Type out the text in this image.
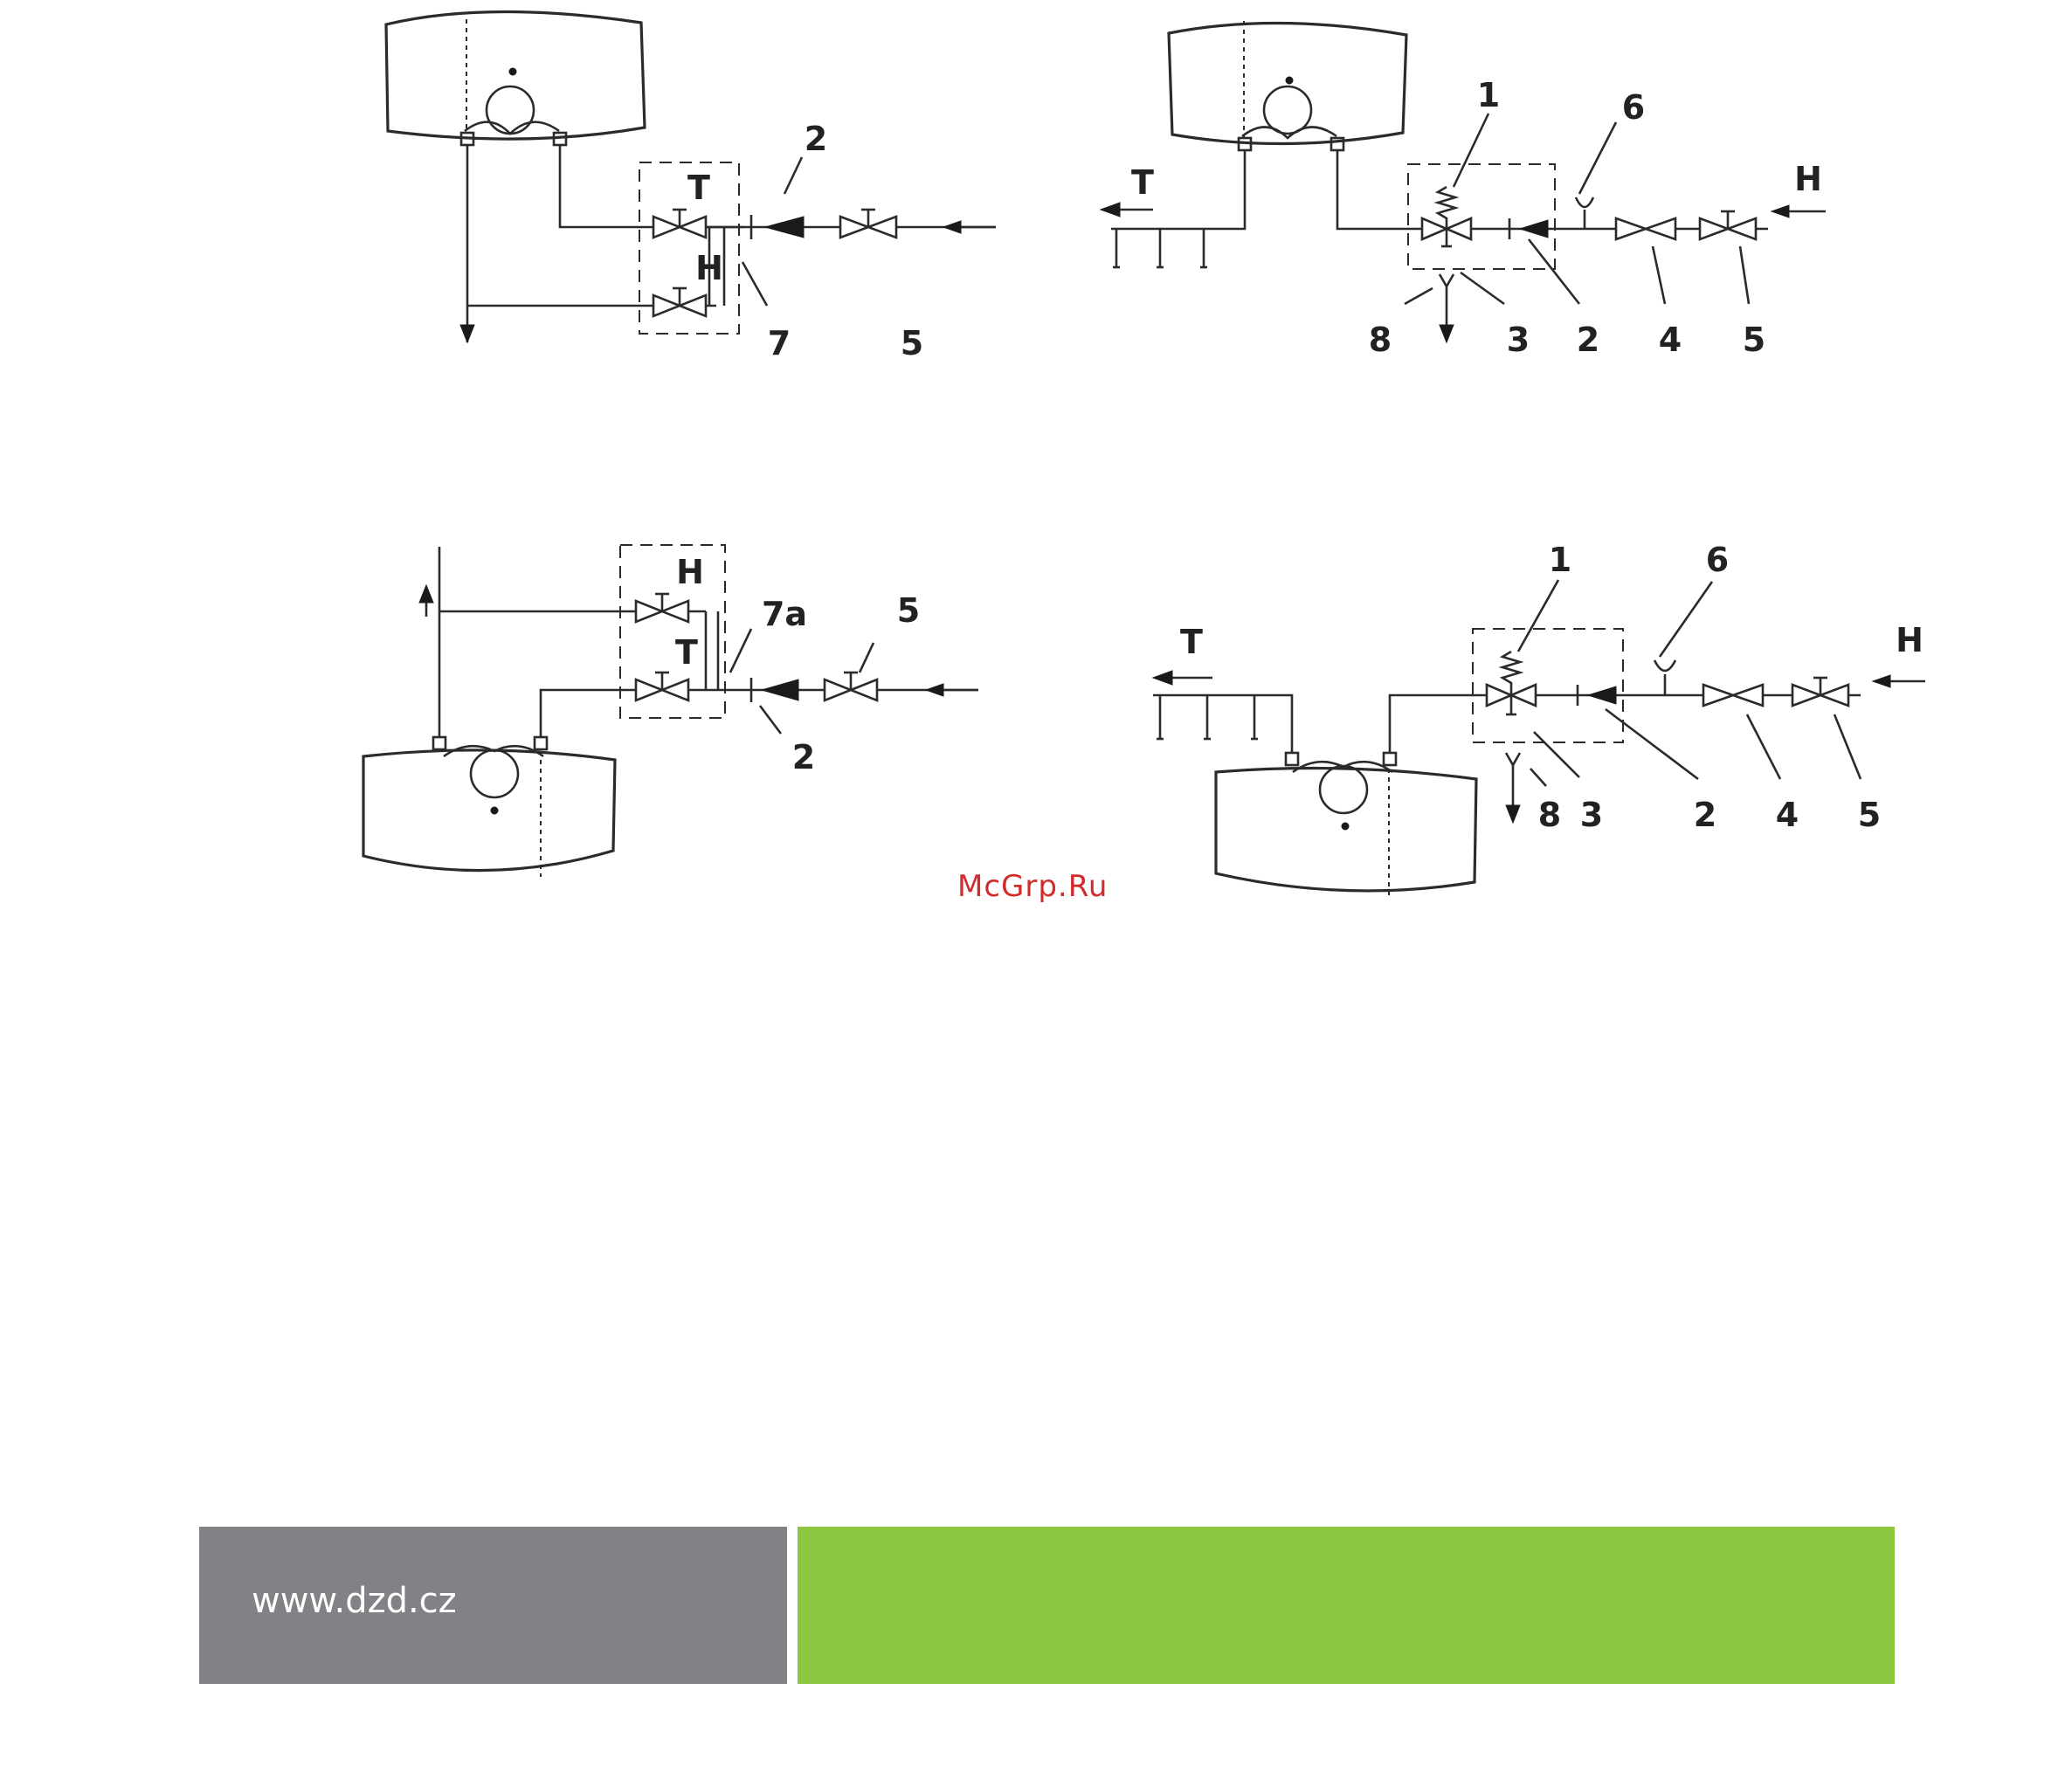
T
H
2
7	5
T	H
1	6
8	3 2 4 5
H
T
7a	5
2
T	H
1	6
8 3	2 4 5
McGrp.Ru
www.dzd.cz
